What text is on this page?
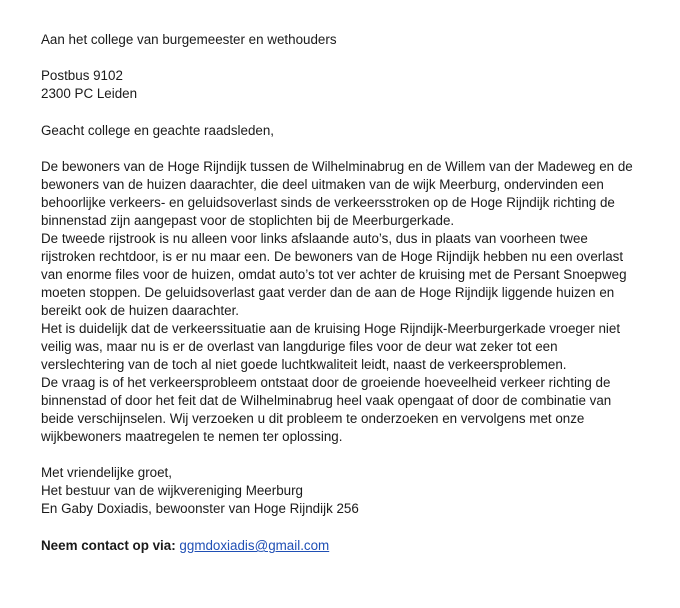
Aan het college van burgemeester en wethouders
Postbus 9102
2300 PC Leiden
Geacht college en geachte raadsleden,
De bewoners van de Hoge Rijndijk tussen de Wilhelminabrug en de Willem van der Madeweg en de
bewoners van de huizen daarachter, die deel uitmaken van de wijk Meerburg, ondervinden een
behoorlijke verkeers- en geluidsoverlast sinds de verkeersstroken op de Hoge Rijndijk richting de
binnenstad zijn aangepast voor de stoplichten bij de Meerburgerkade.
De tweede rijstrook is nu alleen voor links afslaande auto’s, dus in plaats van voorheen twee
rijstroken rechtdoor, is er nu maar een. De bewoners van de Hoge Rijndijk hebben nu een overlast
van enorme files voor de huizen, omdat auto’s tot ver achter de kruising met de Persant Snoepweg
moeten stoppen. De geluidsoverlast gaat verder dan de aan de Hoge Rijndijk liggende huizen en
bereikt ook de huizen daarachter.
Het is duidelijk dat de verkeerssituatie aan de kruising Hoge Rijndijk-Meerburgerkade vroeger niet
veilig was, maar nu is er de overlast van langdurige files voor de deur wat zeker tot een
verslechtering van de toch al niet goede luchtkwaliteit leidt, naast de verkeersproblemen.
De vraag is of het verkeersprobleem ontstaat door de groeiende hoeveelheid verkeer richting de
binnenstad of door het feit dat de Wilhelminabrug heel vaak opengaat of door de combinatie van
beide verschijnselen. Wij verzoeken u dit probleem te onderzoeken en vervolgens met onze
wijkbewoners maatregelen te nemen ter oplossing.
Met vriendelijke groet,
Het bestuur van de wijkvereniging Meerburg
En Gaby Doxiadis, bewoonster van Hoge Rijndijk 256
Neem contact op via: ggmdoxiadis@gmail.com
